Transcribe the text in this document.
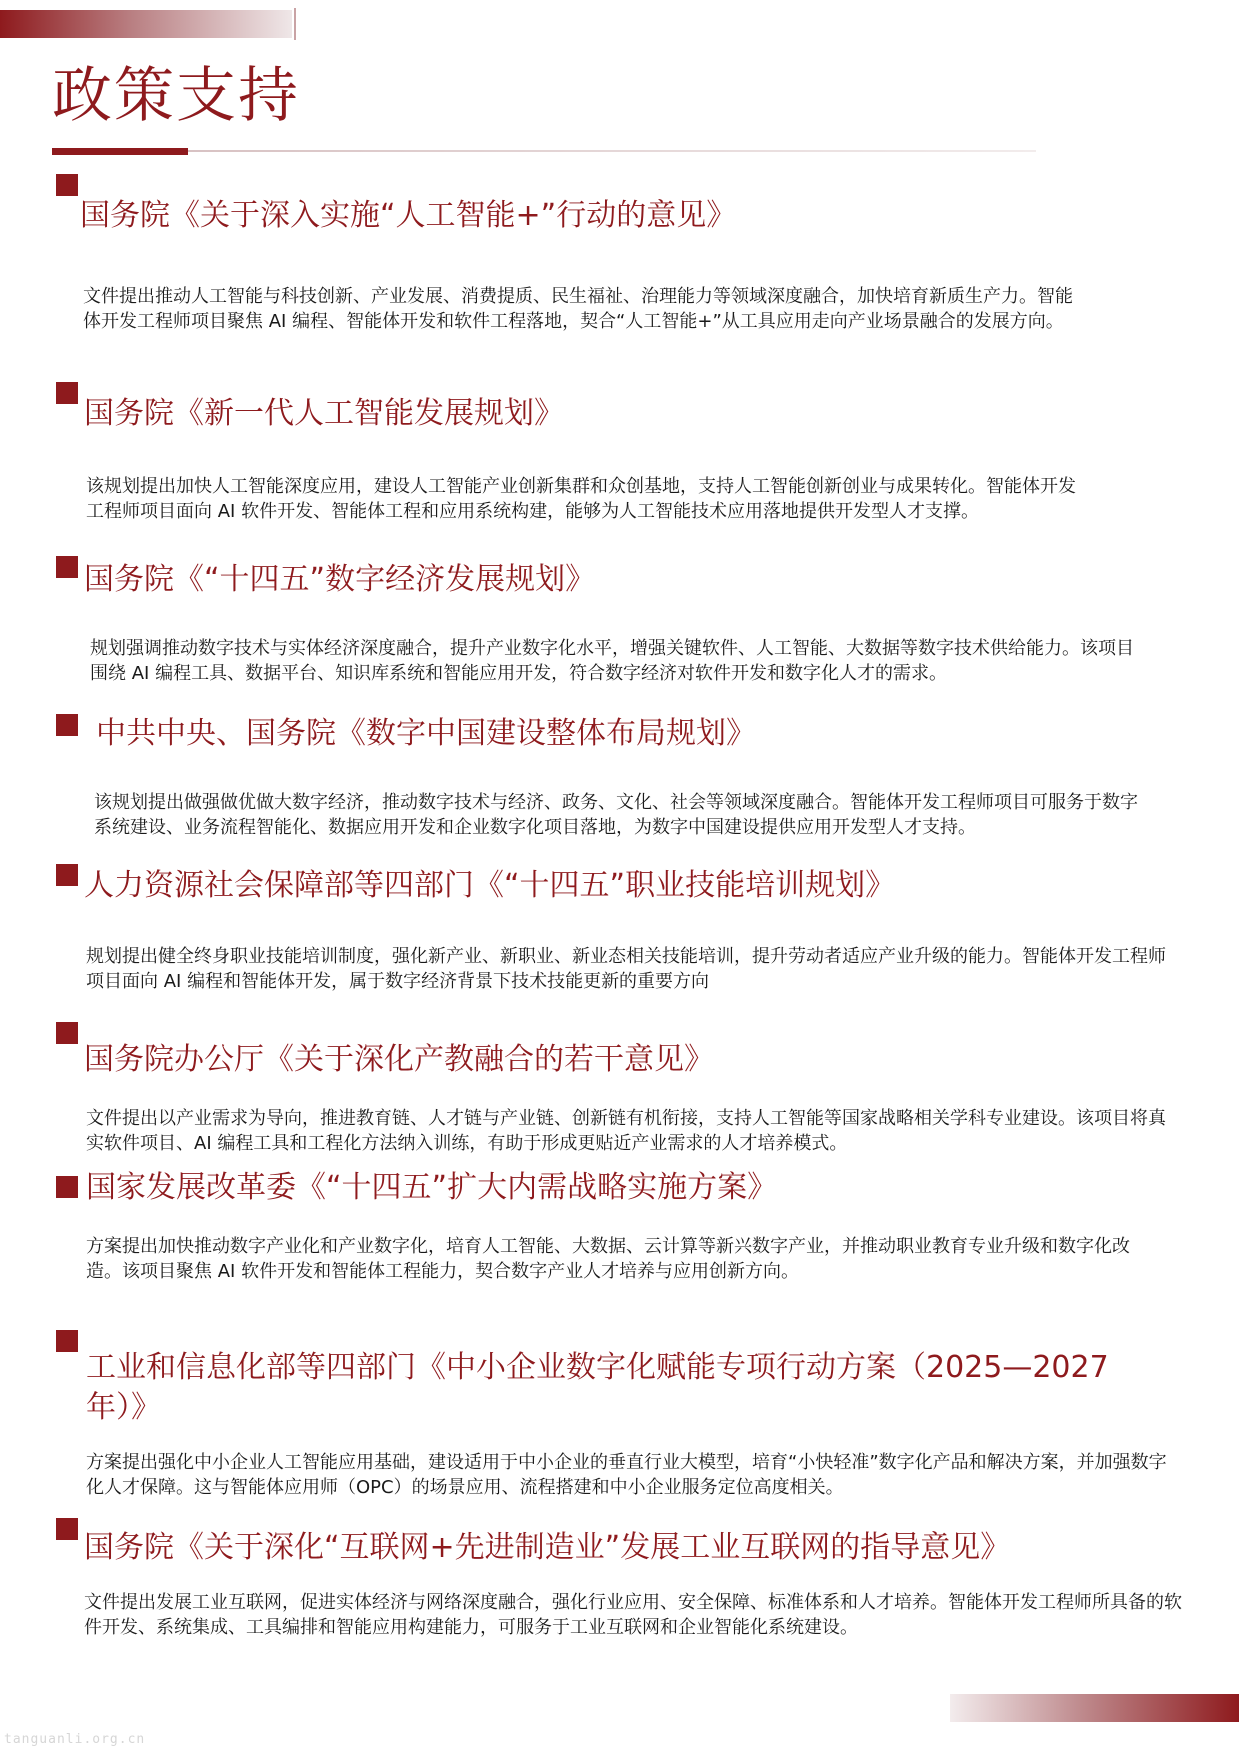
政策支持
国务院《关于深入实施“人工智能+”行动的意见》

文件提出推动人工智能与科技创新、产业发展、消费提质、民生福祉、治理能力等领域深度融合，加快培育新质生产力。智能体开发工程师项目聚焦 AI 编程、智能体开发和软件工程落地，契合“人工智能+”从工具应用走向产业场景融合的发展方向。

国务院《新一代人工智能发展规划》

该规划提出加快人工智能深度应用，建设人工智能产业创新集群和众创基地，支持人工智能创新创业与成果转化。智能体开发工程师项目面向 AI 软件开发、智能体工程和应用系统构建，能够为人工智能技术应用落地提供开发型人才支撑。

国务院《“十四五”数字经济发展规划》

规划强调推动数字技术与实体经济深度融合，提升产业数字化水平，增强关键软件、人工智能、大数据等数字技术供给能力。该项目围绕 AI 编程工具、数据平台、知识库系统和智能应用开发，符合数字经济对软件开发和数字化人才的需求。

中共中央、国务院《数字中国建设整体布局规划》

该规划提出做强做优做大数字经济，推动数字技术与经济、政务、文化、社会等领域深度融合。智能体开发工程师项目可服务于数字系统建设、业务流程智能化、数据应用开发和企业数字化项目落地，为数字中国建设提供应用开发型人才支持。

人力资源社会保障部等四部门《“十四五”职业技能培训规划》

规划提出健全终身职业技能培训制度，强化新产业、新职业、新业态相关技能培训，提升劳动者适应产业升级的能力。智能体开发工程师项目面向 AI 编程和智能体开发，属于数字经济背景下技术技能更新的重要方向

国务院办公厅《关于深化产教融合的若干意见》

文件提出以产业需求为导向，推进教育链、人才链与产业链、创新链有机衔接，支持人工智能等国家战略相关学科专业建设。该项目将真实软件项目、AI 编程工具和工程化方法纳入训练，有助于形成更贴近产业需求的人才培养模式。

国家发展改革委《“十四五”扩大内需战略实施方案》

方案提出加快推动数字产业化和产业数字化，培育人工智能、大数据、云计算等新兴数字产业，并推动职业教育专业升级和数字化改造。该项目聚焦 AI 软件开发和智能体工程能力，契合数字产业人才培养与应用创新方向。

工业和信息化部等四部门《中小企业数字化赋能专项行动方案（2025—2027年）》

方案提出强化中小企业人工智能应用基础，建设适用于中小企业的垂直行业大模型，培育“小快轻准”数字化产品和解决方案，并加强数字化人才保障。这与智能体应用师（OPC）的场景应用、流程搭建和中小企业服务定位高度相关。

国务院《关于深化“互联网+先进制造业”发展工业互联网的指导意见》

文件提出发展工业互联网，促进实体经济与网络深度融合，强化行业应用、安全保障、标准体系和人才培养。智能体开发工程师所具备的软件开发、系统集成、工具编排和智能应用构建能力，可服务于工业互联网和企业智能化系统建设。

tanguanli.org.cn
